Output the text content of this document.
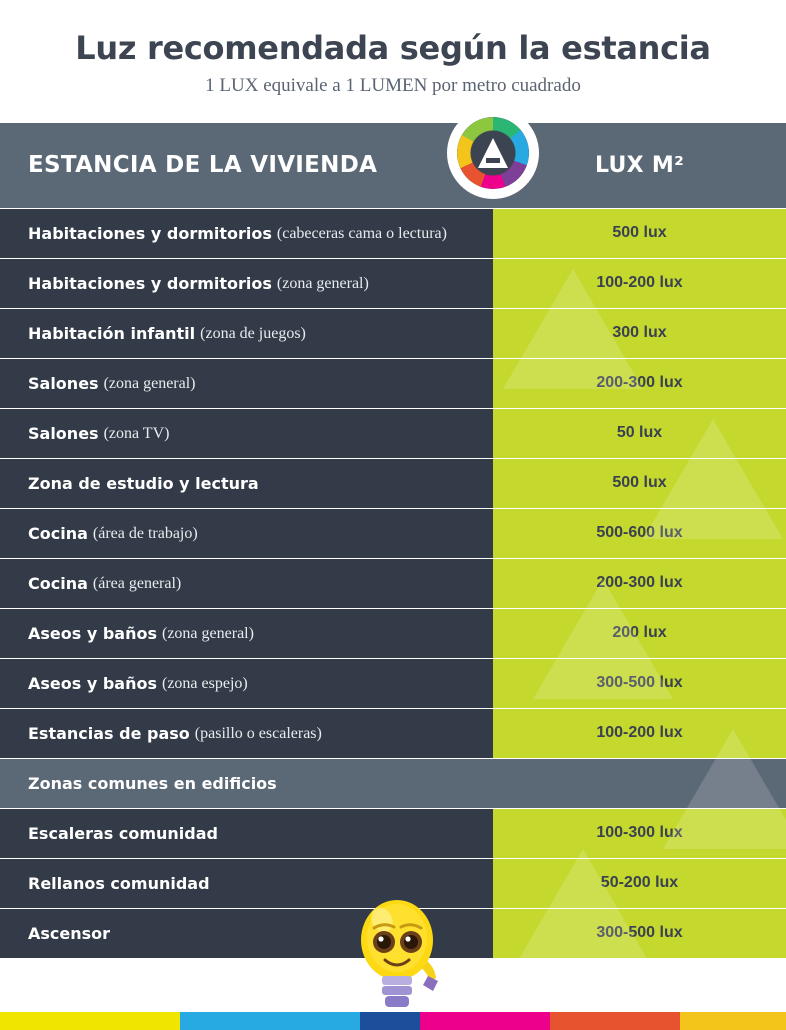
Luz recomendada según la estancia
1 LUX equivale a 1 LUMEN por metro cuadrado
ESTANCIA DE LA VIVIENDA	LUX M²
Habitaciones y dormitorios (cabeceras cama o lectura)	500 lux
Habitaciones y dormitorios (zona general)	100-200 lux
Habitación infantil (zona de juegos)	300 lux
Salones (zona general)	200-300 lux
Salones (zona TV)	50 lux
Zona de estudio y lectura	500 lux
Cocina (área de trabajo)	500-600 lux
Cocina (área general)	200-300 lux
Aseos y baños (zona general)	200 lux
Aseos y baños (zona espejo)	300-500 lux
Estancias de paso (pasillo o escaleras)	100-200 lux
Zonas comunes en edificios
Escaleras comunidad	100-300 lux
Rellanos comunidad	50-200 lux
Ascensor	300-500 lux
